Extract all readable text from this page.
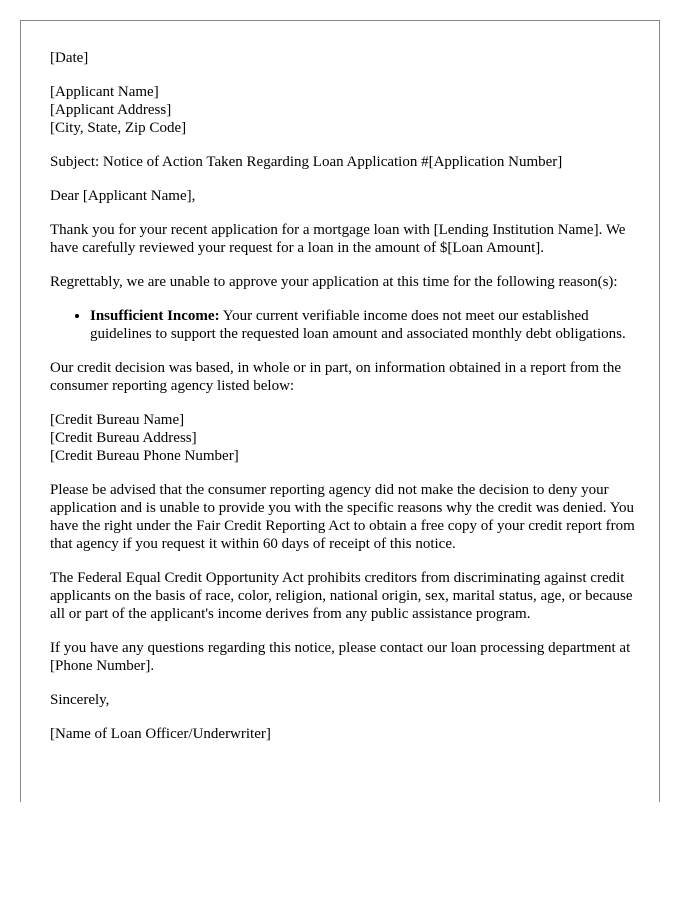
[Date]

[Applicant Name]
[Applicant Address]
[City, State, Zip Code]

Subject: Notice of Action Taken Regarding Loan Application #[Application Number]

Dear [Applicant Name],

Thank you for your recent application for a mortgage loan with [Lending Institution Name]. We have carefully reviewed your request for a loan in the amount of $[Loan Amount].

Regrettably, we are unable to approve your application at this time for the following reason(s):

• Insufficient Income: Your current verifiable income does not meet our established guidelines to support the requested loan amount and associated monthly debt obligations.

Our credit decision was based, in whole or in part, on information obtained in a report from the consumer reporting agency listed below:

[Credit Bureau Name]
[Credit Bureau Address]
[Credit Bureau Phone Number]

Please be advised that the consumer reporting agency did not make the decision to deny your application and is unable to provide you with the specific reasons why the credit was denied. You have the right under the Fair Credit Reporting Act to obtain a free copy of your credit report from that agency if you request it within 60 days of receipt of this notice.

The Federal Equal Credit Opportunity Act prohibits creditors from discriminating against credit applicants on the basis of race, color, religion, national origin, sex, marital status, age, or because all or part of the applicant's income derives from any public assistance program.

If you have any questions regarding this notice, please contact our loan processing department at [Phone Number].

Sincerely,

[Name of Loan Officer/Underwriter]
